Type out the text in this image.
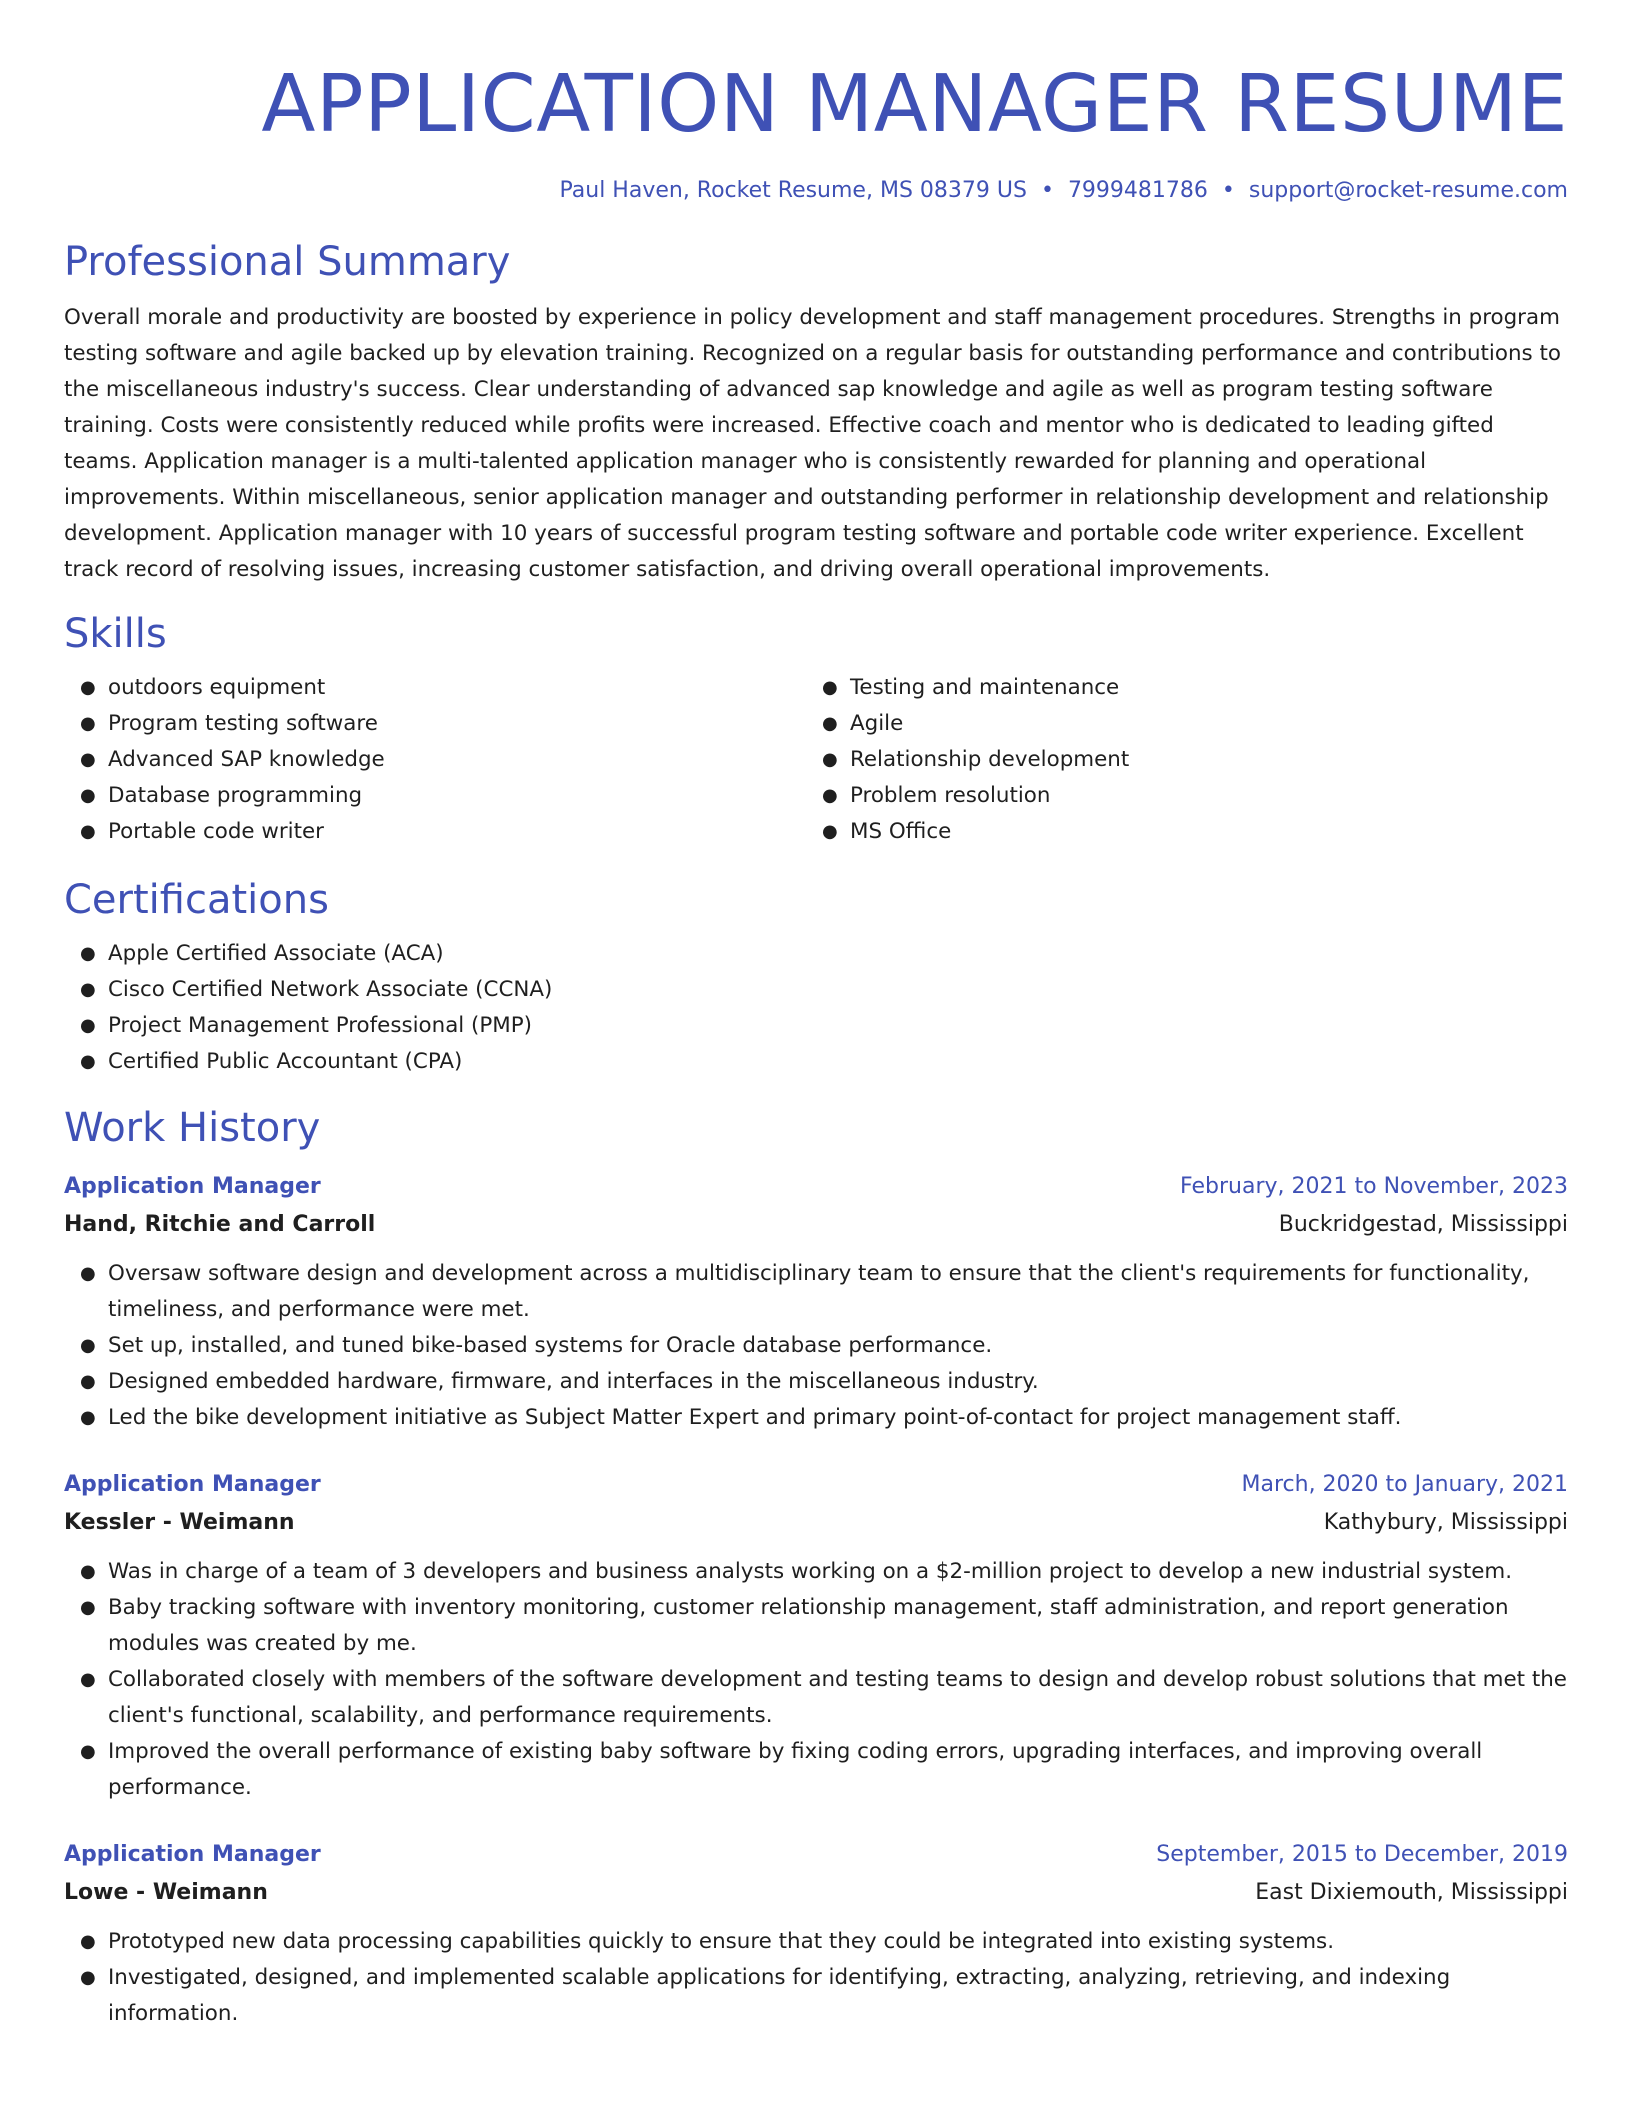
APPLICATION MANAGER RESUME
Paul Haven, Rocket Resume, MS 08379 US • 7999481786 • support@rocket-resume.com
Professional Summary
Overall morale and productivity are boosted by experience in policy development and staff management procedures. Strengths in program testing software and agile backed up by elevation training. Recognized on a regular basis for outstanding performance and contributions to the miscellaneous industry's success. Clear understanding of advanced sap knowledge and agile as well as program testing software training. Costs were consistently reduced while profits were increased. Effective coach and mentor who is dedicated to leading gifted teams. Application manager is a multi-talented application manager who is consistently rewarded for planning and operational improvements. Within miscellaneous, senior application manager and outstanding performer in relationship development and relationship development. Application manager with 10 years of successful program testing software and portable code writer experience. Excellent track record of resolving issues, increasing customer satisfaction, and driving overall operational improvements.
Skills
● outdoors equipment
● Program testing software
● Advanced SAP knowledge
● Database programming
● Portable code writer
● Testing and maintenance
● Agile
● Relationship development
● Problem resolution
● MS Office
Certifications
● Apple Certified Associate (ACA)
● Cisco Certified Network Associate (CCNA)
● Project Management Professional (PMP)
● Certified Public Accountant (CPA)
Work History
Application Manager	February, 2021 to November, 2023
Hand, Ritchie and Carroll	Buckridgestad, Mississippi
● Oversaw software design and development across a multidisciplinary team to ensure that the client's requirements for functionality, timeliness, and performance were met.
● Set up, installed, and tuned bike-based systems for Oracle database performance.
● Designed embedded hardware, firmware, and interfaces in the miscellaneous industry.
● Led the bike development initiative as Subject Matter Expert and primary point-of-contact for project management staff.
Application Manager	March, 2020 to January, 2021
Kessler - Weimann	Kathybury, Mississippi
● Was in charge of a team of 3 developers and business analysts working on a $2-million project to develop a new industrial system.
● Baby tracking software with inventory monitoring, customer relationship management, staff administration, and report generation modules was created by me.
● Collaborated closely with members of the software development and testing teams to design and develop robust solutions that met the client's functional, scalability, and performance requirements.
● Improved the overall performance of existing baby software by fixing coding errors, upgrading interfaces, and improving overall performance.
Application Manager	September, 2015 to December, 2019
Lowe - Weimann	East Dixiemouth, Mississippi
● Prototyped new data processing capabilities quickly to ensure that they could be integrated into existing systems.
● Investigated, designed, and implemented scalable applications for identifying, extracting, analyzing, retrieving, and indexing information.
